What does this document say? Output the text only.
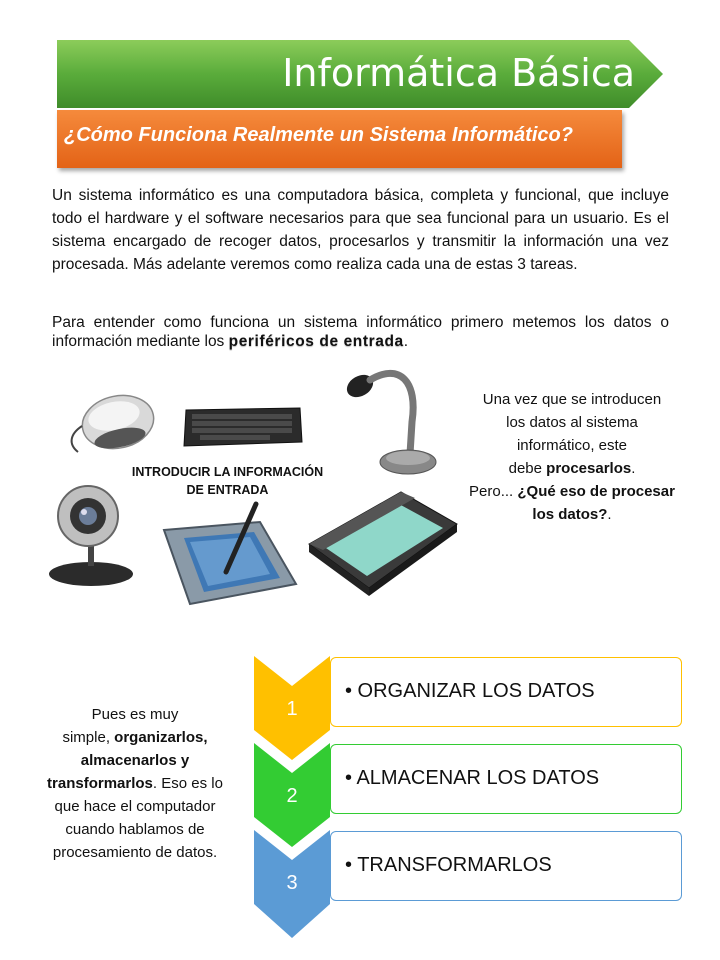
Informática Básica
¿Cómo Funciona Realmente un Sistema Informático?
Un sistema informático es una computadora básica, completa y funcional, que incluye todo el hardware y el software necesarios para que sea funcional para un usuario. Es el sistema encargado de recoger datos, procesarlos y transmitir la información una vez procesada. Más adelante veremos como realiza cada una de estas 3 tareas.
Para entender como funciona un sistema informático primero metemos los datos o información mediante los periféricos de entrada.
INTRODUCIR LA INFORMACIÓN
DE ENTRADA
Una vez que se introducen
los datos al sistema
informático, este
debe procesarlos.
Pero... ¿Qué eso de procesar
los datos?.
Pues es muy
simple, organizarlos,
almacenarlos y
transformarlos. Eso es lo
que hace el computador
cuando hablamos de
procesamiento de datos.
1
• ORGANIZAR LOS DATOS
2
• ALMACENAR LOS DATOS
3
• TRANSFORMARLOS
